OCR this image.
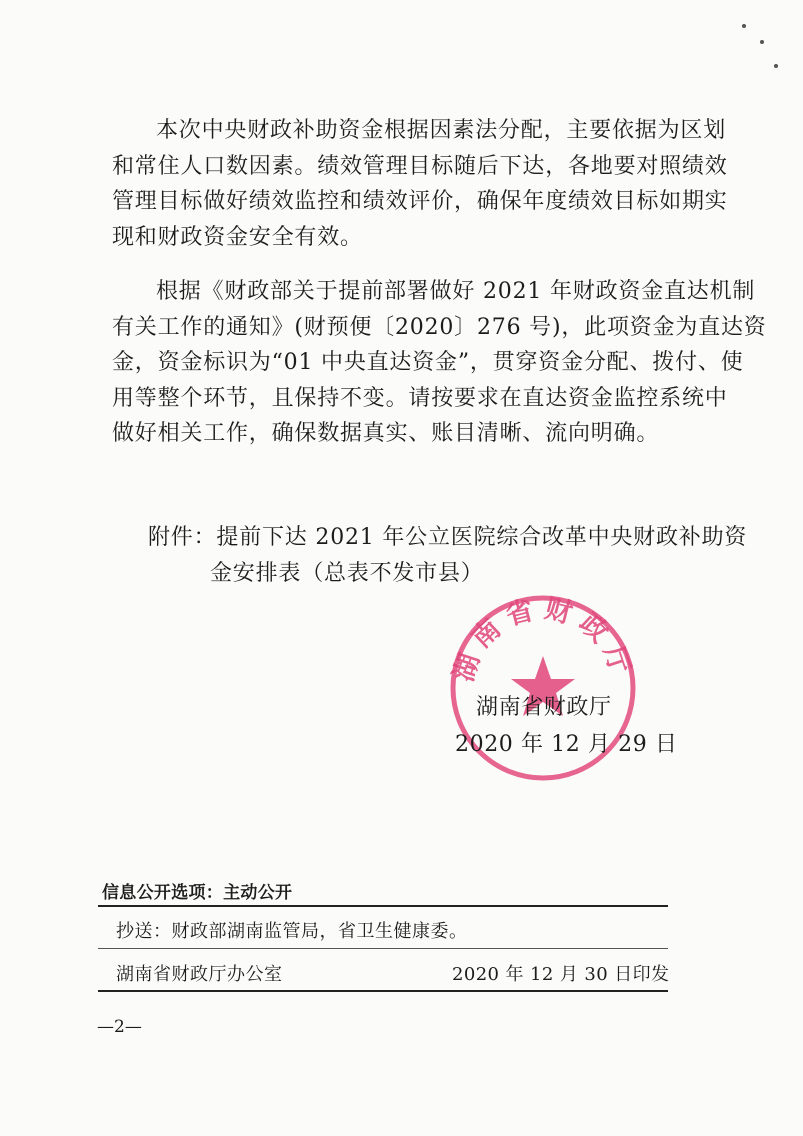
本次中央财政补助资金根据因素法分配，主要依据为区划
和常住人口数因素。绩效管理目标随后下达，各地要对照绩效
管理目标做好绩效监控和绩效评价，确保年度绩效目标如期实
现和财政资金安全有效。
根据《财政部关于提前部署做好 2021 年财政资金直达机制
有关工作的通知》(财预便〔2020〕276 号)，此项资金为直达资
金，资金标识为“01 中央直达资金”，贯穿资金分配、拨付、使
用等整个环节，且保持不变。请按要求在直达资金监控系统中
做好相关工作，确保数据真实、账目清晰、流向明确。
附件：提前下达 2021 年公立医院综合改革中央财政补助资
金安排表（总表不发市县）
湖南省财政厅
湖南省财政厅
2020 年 12 月 29 日
信息公开选项：主动公开
抄送：财政部湖南监管局，省卫生健康委。
湖南省财政厅办公室	2020 年 12 月 30 日印发
—2—
